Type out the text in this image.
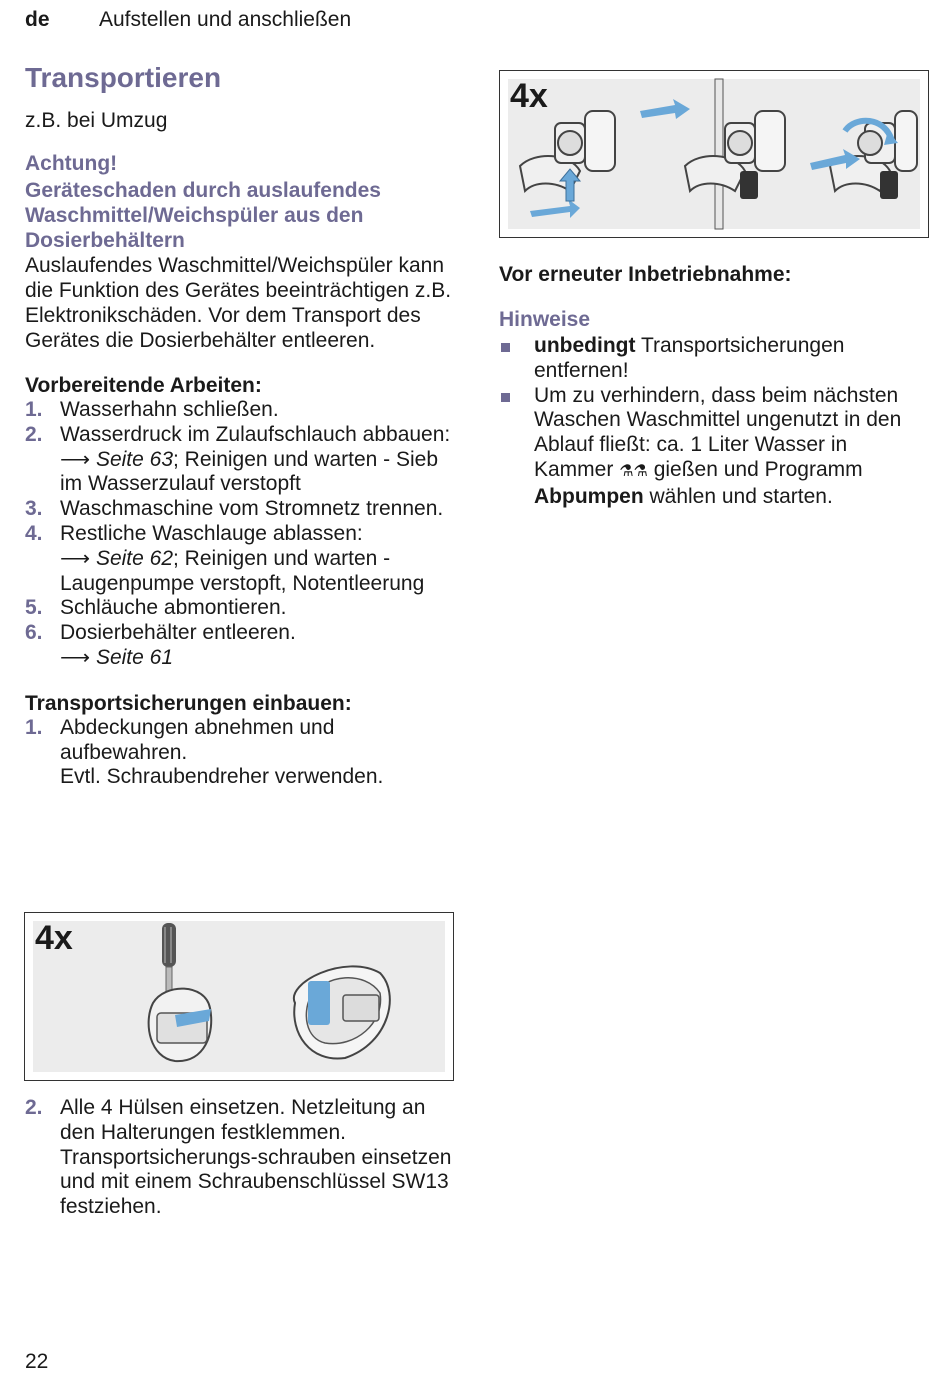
de Aufstellen und anschließen
Transportieren
z.B. bei Umzug
Achtung!
Geräteschaden durch auslaufendes Waschmittel/Weichspüler aus den Dosierbehältern

Auslaufendes Waschmittel/Weichspüler kann die Funktion des Gerätes beeinträchtigen z.B. Elektronikschäden. Vor dem Transport des Gerätes die Dosierbehälter entleeren.

Vorbereitende Arbeiten:
1. Wasserhahn schließen.
2. Wasserdruck im Zulaufschlauch abbauen: ⟶ Seite 63; Reinigen und warten - Sieb im Wasserzulauf verstopft
3. Waschmaschine vom Stromnetz trennen.
4. Restliche Waschlauge ablassen:
⟶ Seite 62; Reinigen und warten - Laugenpumpe verstopft, Notentleerung
5. Schläuche abmontieren.
6. Dosierbehälter entleeren.
⟶ Seite 61
Transportsicherungen einbauen:
1. Abdeckungen abnehmen und aufbewahren.
Evtl. Schraubendreher verwenden.
4x
2. Alle 4 Hülsen einsetzen. Netzleitung an den Halterungen festklemmen. Transportsicherungs-schrauben einsetzen und mit einem Schraubenschlüssel SW13 festziehen.
4x
Vor erneuter Inbetriebnahme:
Hinweise
unbedingt Transportsicherungen entfernen!
Um zu verhindern, dass beim nächsten Waschen Waschmittel ungenutzt in den Ablauf fließt: ca. 1 Liter Wasser in Kammer ⚗⚗ gießen und Programm Abpumpen wählen und starten.
22
